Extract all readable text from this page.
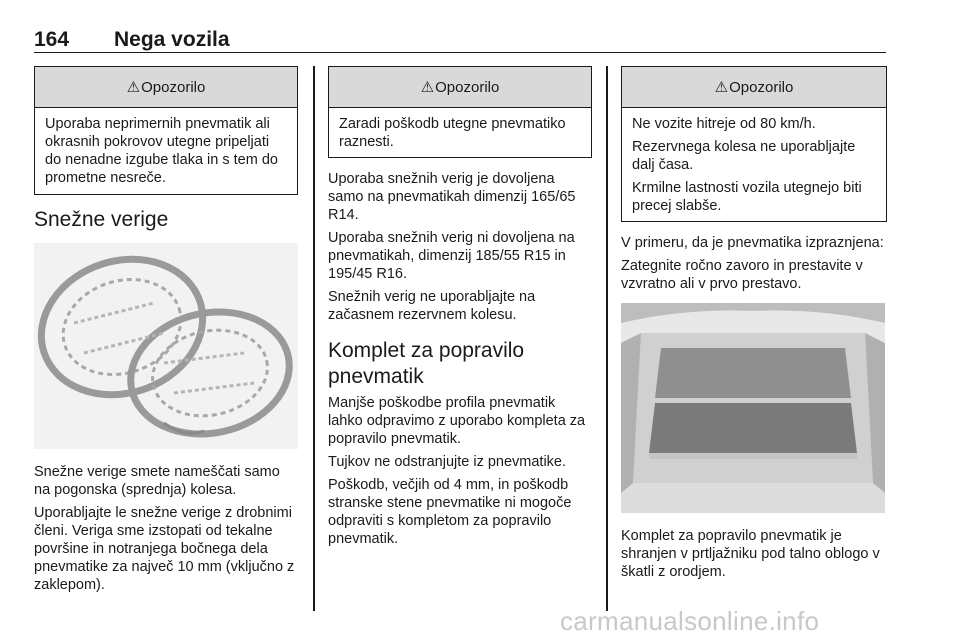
164 Nega vozila
⚠ Opozorilo

Uporaba neprimernih pnevmatik ali okrasnih pokrovov utegne pripeljati do nenadne izgube tlaka in s tem do prometne nesreče.

Snežne verige

Snežne verige smete nameščati samo na pogonska (sprednja) kolesa.

Uporabljajte le snežne verige z drobnimi členi. Veriga sme izstopati od tekalne površine in notranjega bočnega dela pnevmatike za največ 10 mm (vključno z zaklepom).

⚠ Opozorilo

Zaradi poškodb utegne pnevmatiko raznesti.

Uporaba snežnih verig je dovoljena samo na pnevmatikah dimenzij 165/65 R14.

Uporaba snežnih verig ni dovoljena na pnevmatikah, dimenzij 185/55 R15 in 195/45 R16.

Snežnih verig ne uporabljajte na začasnem rezervnem kolesu.

Komplet za popravilo
pnevmatik

Manjše poškodbe profila pnevmatik lahko odpravimo z uporabo kompleta za popravilo pnevmatik.

Tujkov ne odstranjujte iz pnevmatike.

Poškodb, večjih od 4 mm, in poškodb stranske stene pnevmatike ni mogoče odpraviti s kompletom za popravilo pnevmatik.

⚠ Opozorilo

Ne vozite hitreje od 80 km/h.

Rezervnega kolesa ne uporabljajte dalj časa.

Krmilne lastnosti vozila utegnejo biti precej slabše.

V primeru, da je pnevmatika izpraznjena:

Zategnite ročno zavoro in prestavite v vzvratno ali v prvo prestavo.

Komplet za popravilo pnevmatik je shranjen v prtljažniku pod talno oblogo v škatli z orodjem.

carmanualsonline.info
